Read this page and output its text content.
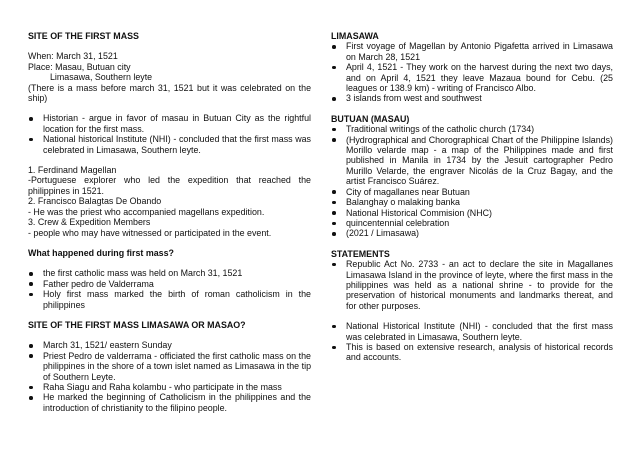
SITE OF THE FIRST MASS

When: March 31, 1521

Place: Masau, Butuan city

Limasawa, Southern leyte

(There is a mass before march 31, 1521 but it was celebrated on the ship)

Historian - argue in favor of masau in Butuan City as the rightful location for the first mass.
National historical Institute (NHI) - concluded that the first mass was celebrated in Limasawa, Southern leyte.

1. Ferdinand Magellan

-Portuguese explorer who led the expedition that reached the philippines in 1521.

2. Francisco Balagtas De Obando

- He was the priest who accompanied magellans expedition.

3. Crew & Expedition Members

- people who may have witnessed or participated in the event.

What happened during first mass?

the first catholic mass was held on March 31, 1521
Father pedro de Valderrama
Holy first mass marked the birth of roman catholicism in the philippines

SITE OF THE FIRST MASS LIMASAWA OR MASAO?

March 31, 1521/ eastern Sunday
Priest Pedro de valderrama - officiated the first catholic mass on the philippines in the shore of a town islet named as Limasawa in the tip of Southern Leyte.
Raha Siagu and Raha kolambu - who participate in the mass
He marked the beginning of Catholicism in the philippines and the introduction of christianity to the filipino people.

LIMASAWA

First voyage of Magellan by Antonio Pigafetta arrived in Limasawa on March 28, 1521
April 4, 1521 - They work on the harvest during the next two days, and on April 4, 1521 they leave Mazaua bound for Cebu. (25 leagues or 138.9 km) - writing of Francisco Albo.
3 islands from west and southwest

BUTUAN (MASAU)

Traditional writings of the catholic church (1734)
(Hydrographical and Chorographical Chart of the Philippine Islands) Morillo velarde map - a map of the Philippines made and first published in Manila in 1734 by the Jesuit cartographer Pedro Murillo Velarde, the engraver Nicolás de la Cruz Bagay, and the artist Francisco Suárez.
City of magallanes near Butuan
Balanghay o malaking banka
National Historical Commision (NHC)
quincentennial celebration
(2021 / Limasawa)

STATEMENTS

Republic Act No. 2733 - an act to declare the site in Magallanes Limasawa Island in the province of leyte, where the first mass in the philippines was held as a national shrine - to provide for the preservation of historical monuments and landmarks thereat, and for other purposes.
National Historical Institute (NHI) - concluded that the first mass was celebrated in Limasawa, Southern leyte.
This is based on extensive research, analysis of historical records and accounts.
